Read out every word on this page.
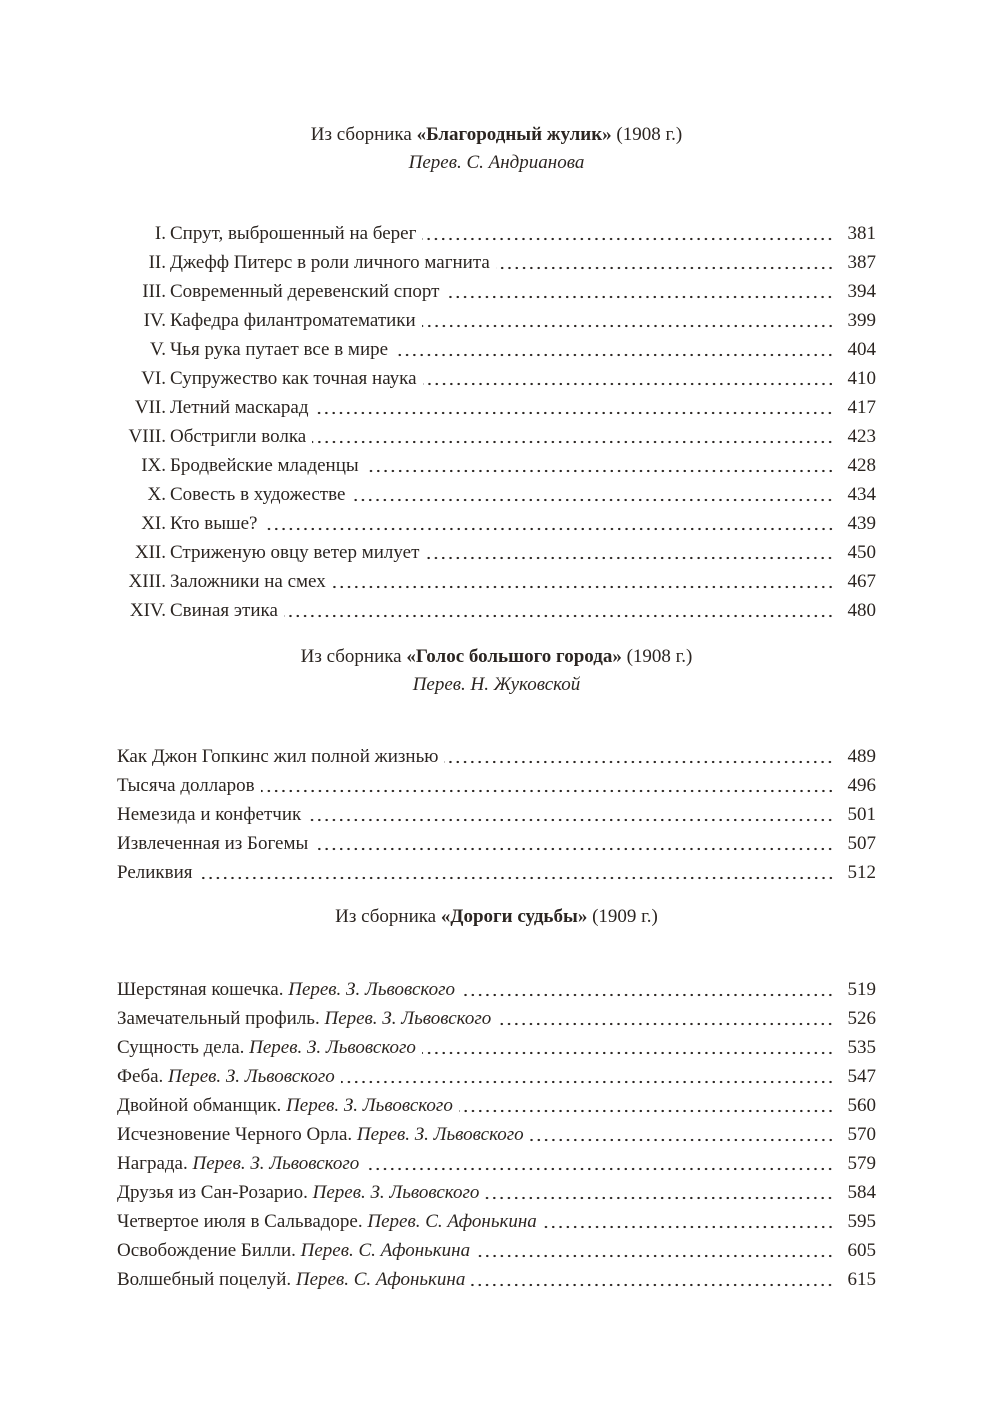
Из сборника «Благородный жулик» (1908 г.)
Перев. С. Андрианова
I. Спрут, выброшенный на берег	381
II. Джефф Питерс в роли личного магнита	387
III. Современный деревенский спорт	394
IV. Кафедра филантроматематики	399
V. Чья рука путает все в мире	404
VI. Супружество как точная наука	410
VII. Летний маскарад	417
VIII. Обстригли волка	423
IX. Бродвейские младенцы	428
X. Совесть в художестве	434
XI. Кто выше?	439
XII. Стриженую овцу ветер милует	450
XIII. Заложники на смех	467
XIV. Свиная этика	480
Из сборника «Голос большого города» (1908 г.)
Перев. Н. Жуковской
Как Джон Гопкинс жил полной жизнью	489
Тысяча долларов	496
Немезида и конфетчик	501
Извлеченная из Богемы	507
Реликвия	512
Из сборника «Дороги судьбы» (1909 г.)
Шерстяная кошечка. Перев. З. Львовского	519
Замечательный профиль. Перев. З. Львовского	526
Сущность дела. Перев. З. Львовского	535
Феба. Перев. З. Львовского	547
Двойной обманщик. Перев. З. Львовского	560
Исчезновение Черного Орла. Перев. З. Львовского	570
Награда. Перев. З. Львовского	579
Друзья из Сан-Розарио. Перев. З. Львовского	584
Четвертое июля в Сальвадоре. Перев. С. Афонькина	595
Освобождение Билли. Перев. С. Афонькина	605
Волшебный поцелуй. Перев. С. Афонькина	615
